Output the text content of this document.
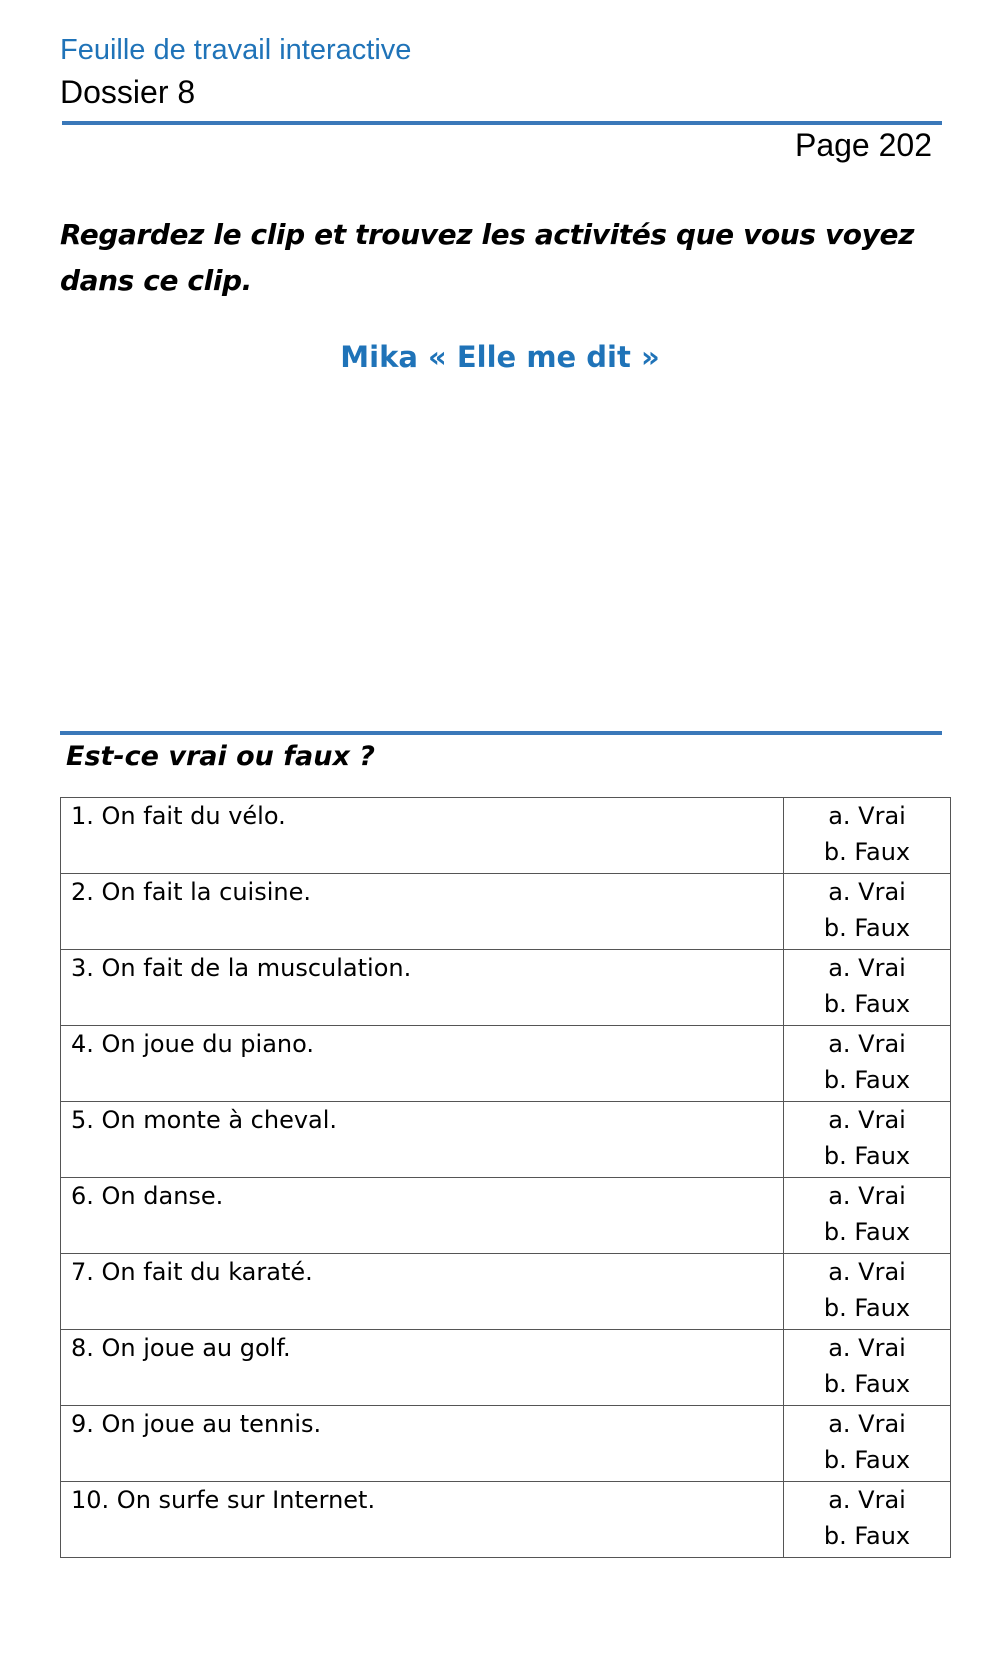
Feuille de travail interactive
Dossier 8
Page 202
Regardez le clip et trouvez les activités que vous voyez dans ce clip.
Mika « Elle me dit »
Est-ce vrai ou faux ?
1. On fait du vélo.	a. Vrai
b. Faux

2. On fait la cuisine.	a. Vrai
b. Faux

3. On fait de la musculation.	a. Vrai
b. Faux

4. On joue du piano.	a. Vrai
b. Faux

5. On monte à cheval.	a. Vrai
b. Faux

6. On danse.	a. Vrai
b. Faux

7. On fait du karaté.	a. Vrai
b. Faux

8. On joue au golf.	a. Vrai
b. Faux

9. On joue au tennis.	a. Vrai
b. Faux

10. On surfe sur Internet.	a. Vrai
b. Faux
